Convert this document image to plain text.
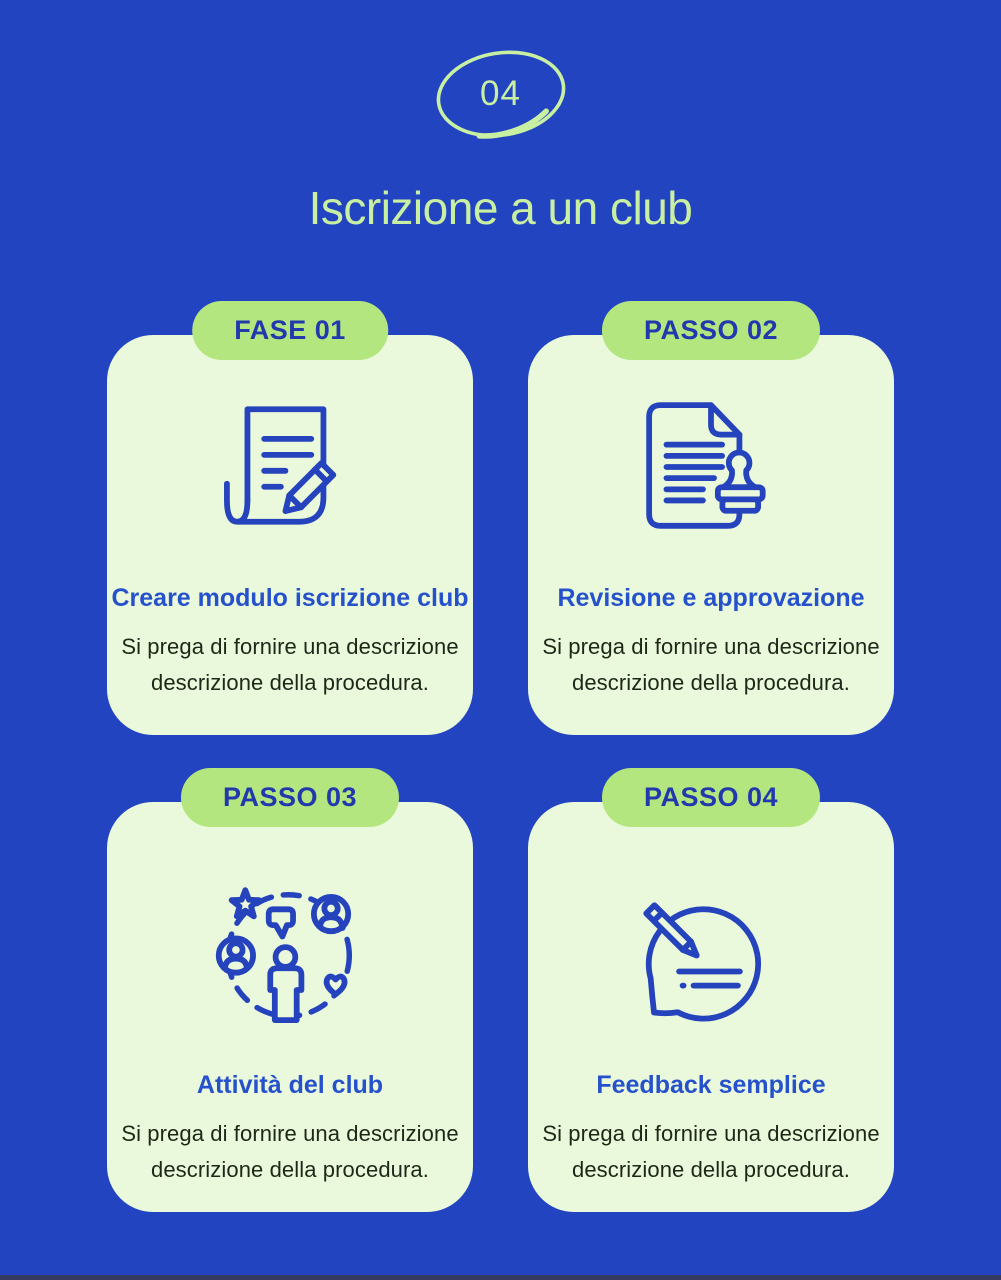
04
Iscrizione a un club
FASE 01
Creare modulo iscrizione club
Si prega di fornire una descrizione
descrizione della procedura.
PASSO 02
Revisione e approvazione
Si prega di fornire una descrizione
descrizione della procedura.
PASSO 03
Attività del club
Si prega di fornire una descrizione
descrizione della procedura.
PASSO 04
Feedback semplice
Si prega di fornire una descrizione
descrizione della procedura.
